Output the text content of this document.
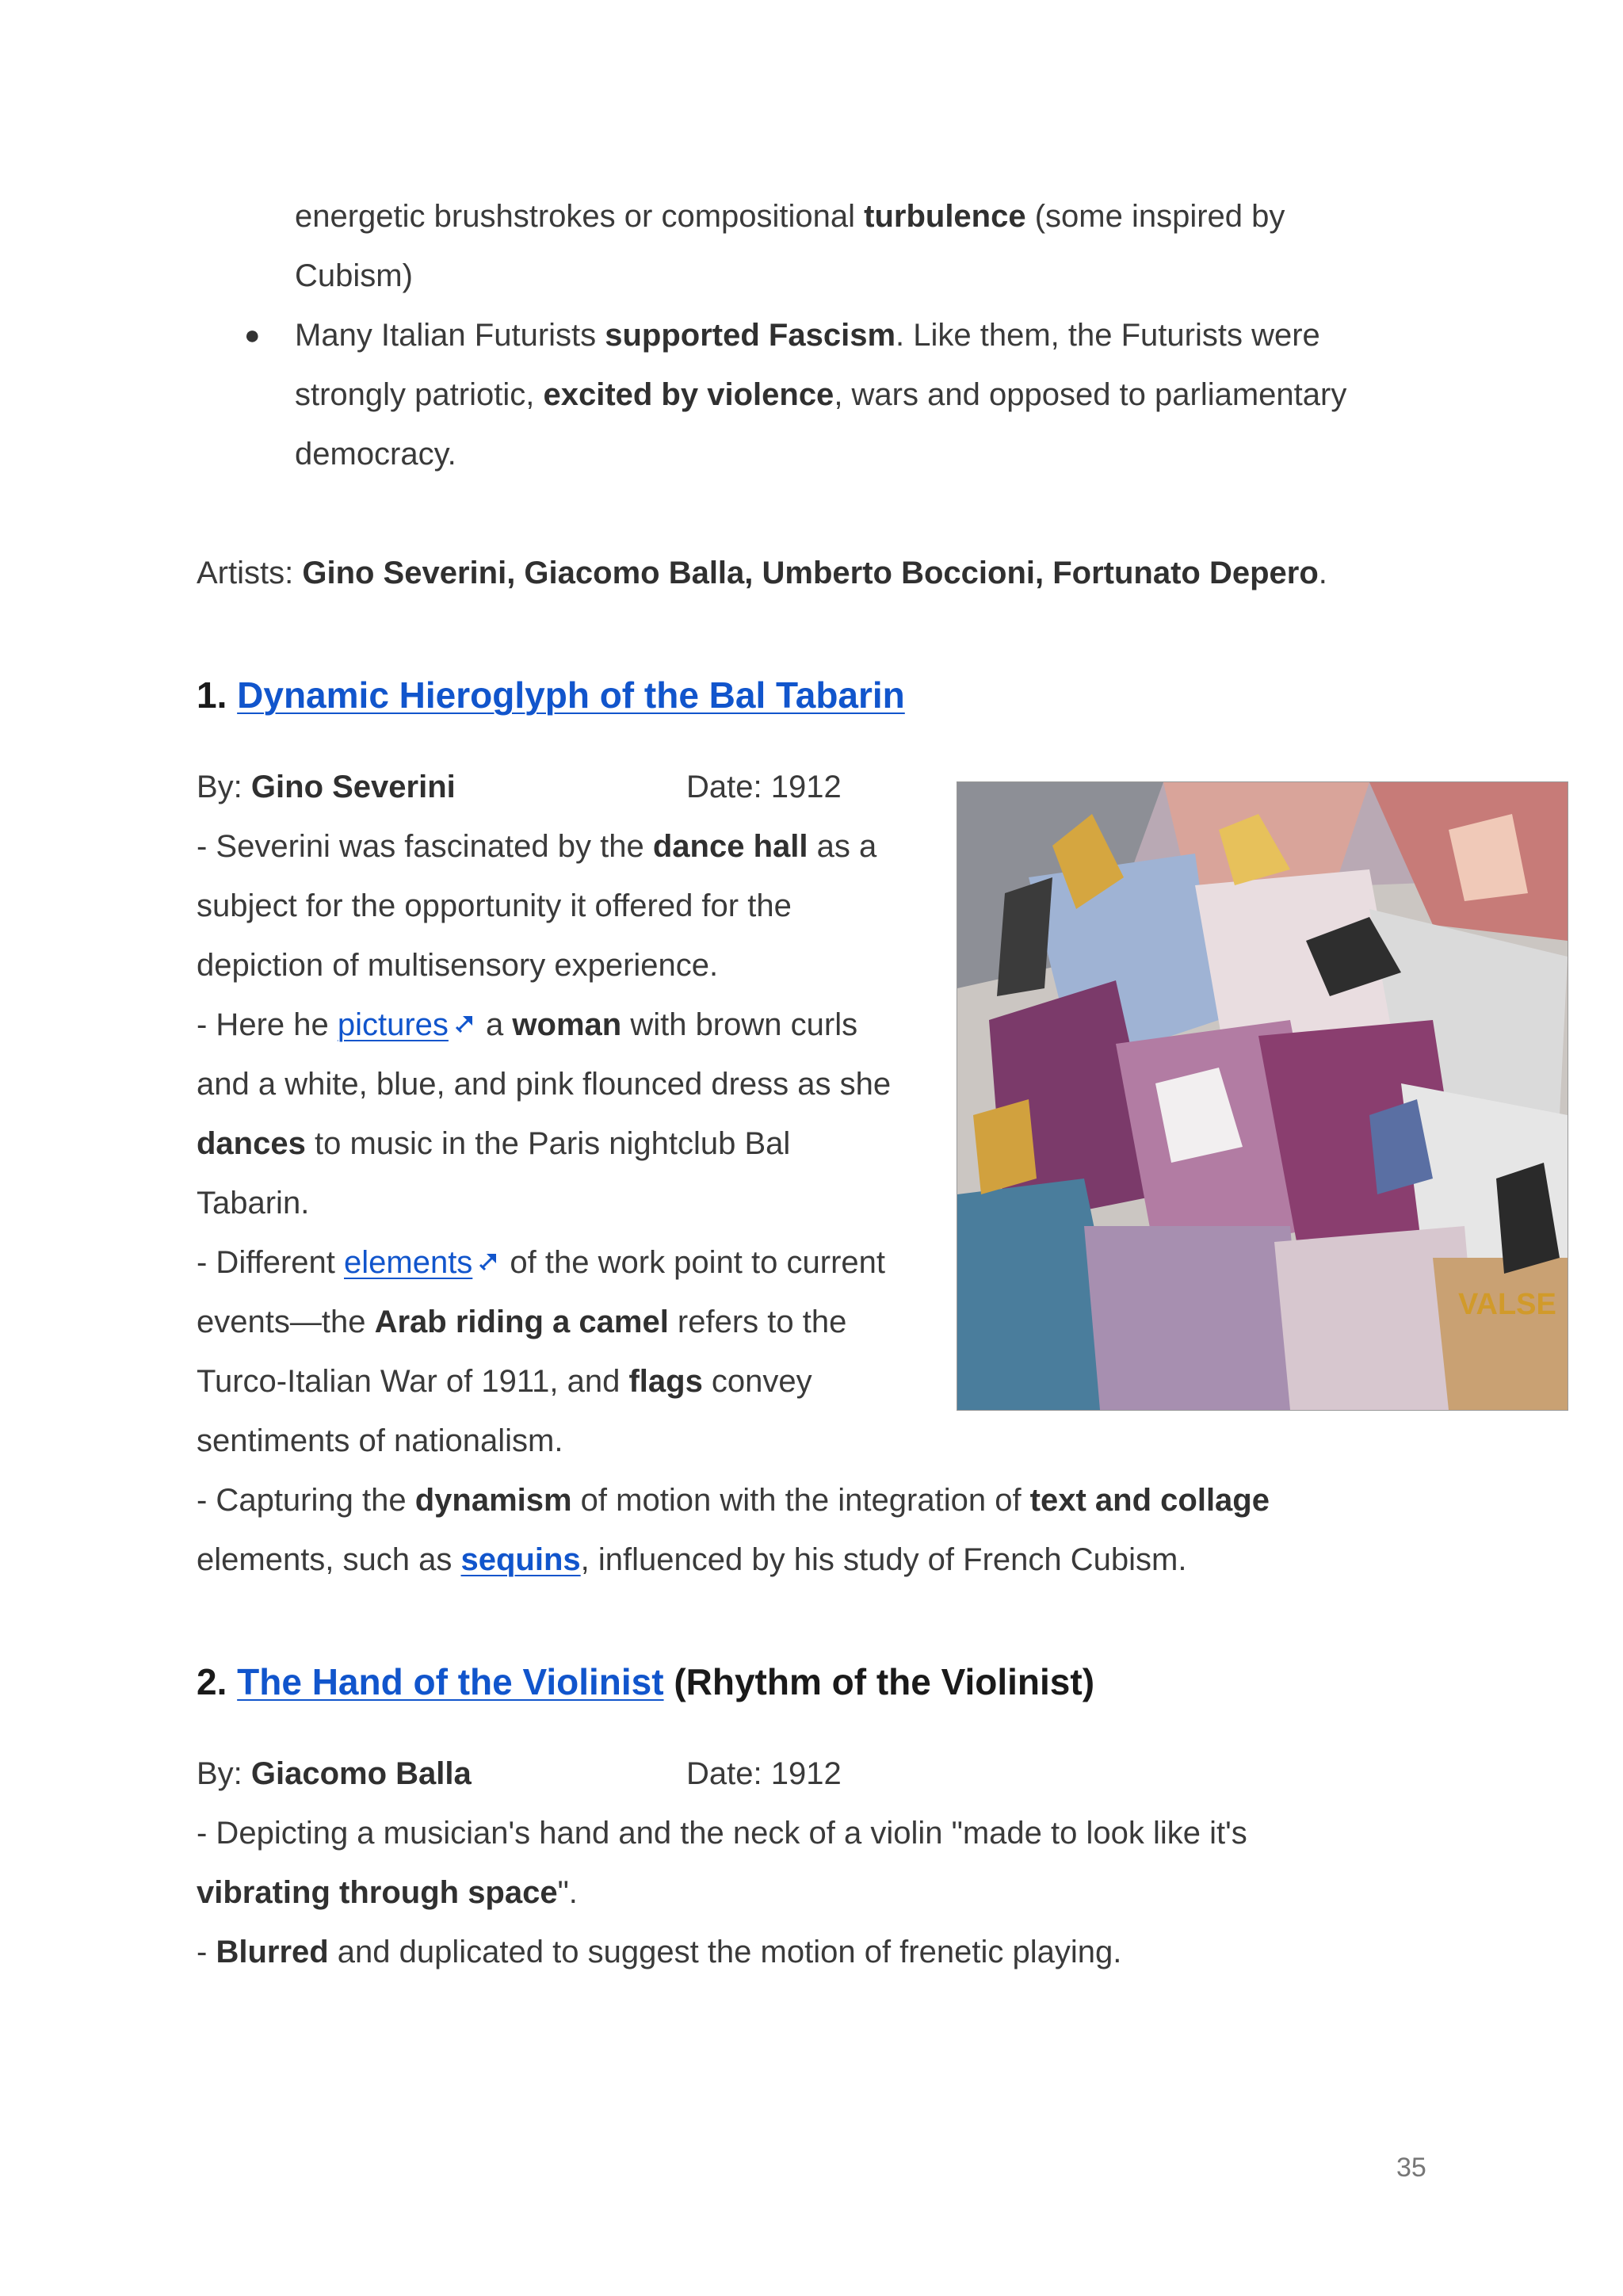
energetic brushstrokes or compositional turbulence (some inspired by
Cubism)
● Many Italian Futurists supported Fascism. Like them, the Futurists were
strongly patriotic, excited by violence, wars and opposed to parliamentary
democracy.
Artists: Gino Severini, Giacomo Balla, Umberto Boccioni, Fortunato Depero.
1. Dynamic Hieroglyph of the Bal Tabarin
By: Gino Severini	Date: 1912
- Severini was fascinated by the dance hall as a
subject for the opportunity it offered for the
depiction of multisensory experience.
- Here he pictures a woman with brown curls
and a white, blue, and pink flounced dress as she
dances to music in the Paris nightclub Bal
Tabarin.
- Different elements of the work point to current
events—the Arab riding a camel refers to the
Turco-Italian War of 1911, and flags convey
sentiments of nationalism.
- Capturing the dynamism of motion with the integration of text and collage
elements, such as sequins, influenced by his study of French Cubism.
VALSE
2. The Hand of the Violinist (Rhythm of the Violinist)
By: Giacomo Balla	Date: 1912
- Depicting a musician's hand and the neck of a violin "made to look like it's
vibrating through space".
- Blurred and duplicated to suggest the motion of frenetic playing.
35
